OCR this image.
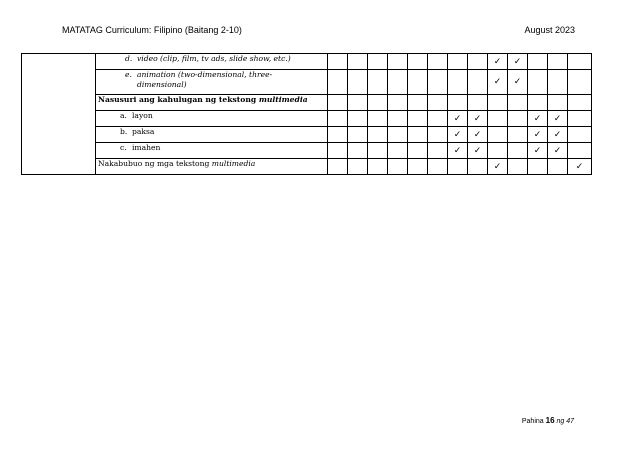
MATATAG Curriculum: Filipino (Baitang 2-10)	August 2023
	d. video (clip, film, tv ads, slide show, etc.)									✓	✓			
	e. animation (two-dimensional, three-
dimensional)									✓	✓			
	Nasusuri ang kahulugan ng tekstong multimedia													
	a. layon							✓	✓			✓	✓	
	b. paksa							✓	✓			✓	✓	
	c. imahen							✓	✓			✓	✓	
	Nakabubuo ng mga tekstong multimedia									✓				✓
Pahina 16 ng 47
